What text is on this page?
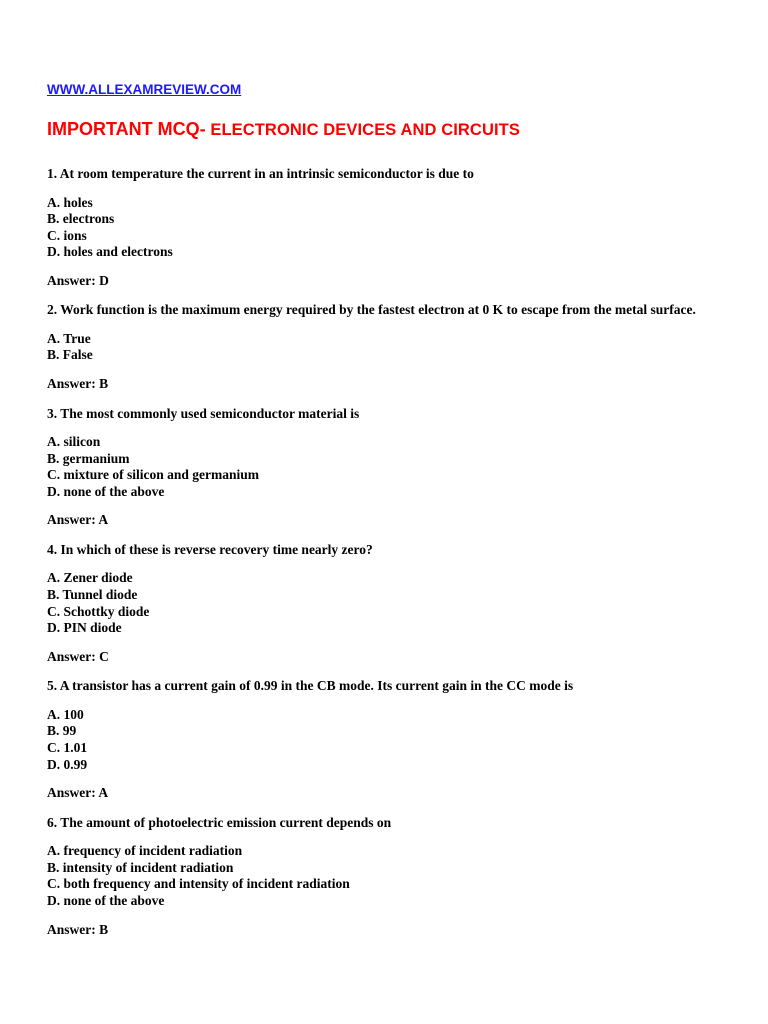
WWW.ALLEXAMREVIEW.COM
IMPORTANT MCQ- ELECTRONIC DEVICES AND CIRCUITS

1. At room temperature the current in an intrinsic semiconductor is due to

A. holes
B. electrons
C. ions
D. holes and electrons

Answer: D

2. Work function is the maximum energy required by the fastest electron at 0 K to escape from the metal surface.

A. True
B. False

Answer: B

3. The most commonly used semiconductor material is

A. silicon
B. germanium
C. mixture of silicon and germanium
D. none of the above

Answer: A

4. In which of these is reverse recovery time nearly zero?

A. Zener diode
B. Tunnel diode
C. Schottky diode
D. PIN diode

Answer: C

5. A transistor has a current gain of 0.99 in the CB mode. Its current gain in the CC mode is

A. 100
B. 99
C. 1.01
D. 0.99

Answer: A

6. The amount of photoelectric emission current depends on

A. frequency of incident radiation
B. intensity of incident radiation
C. both frequency and intensity of incident radiation
D. none of the above

Answer: B
